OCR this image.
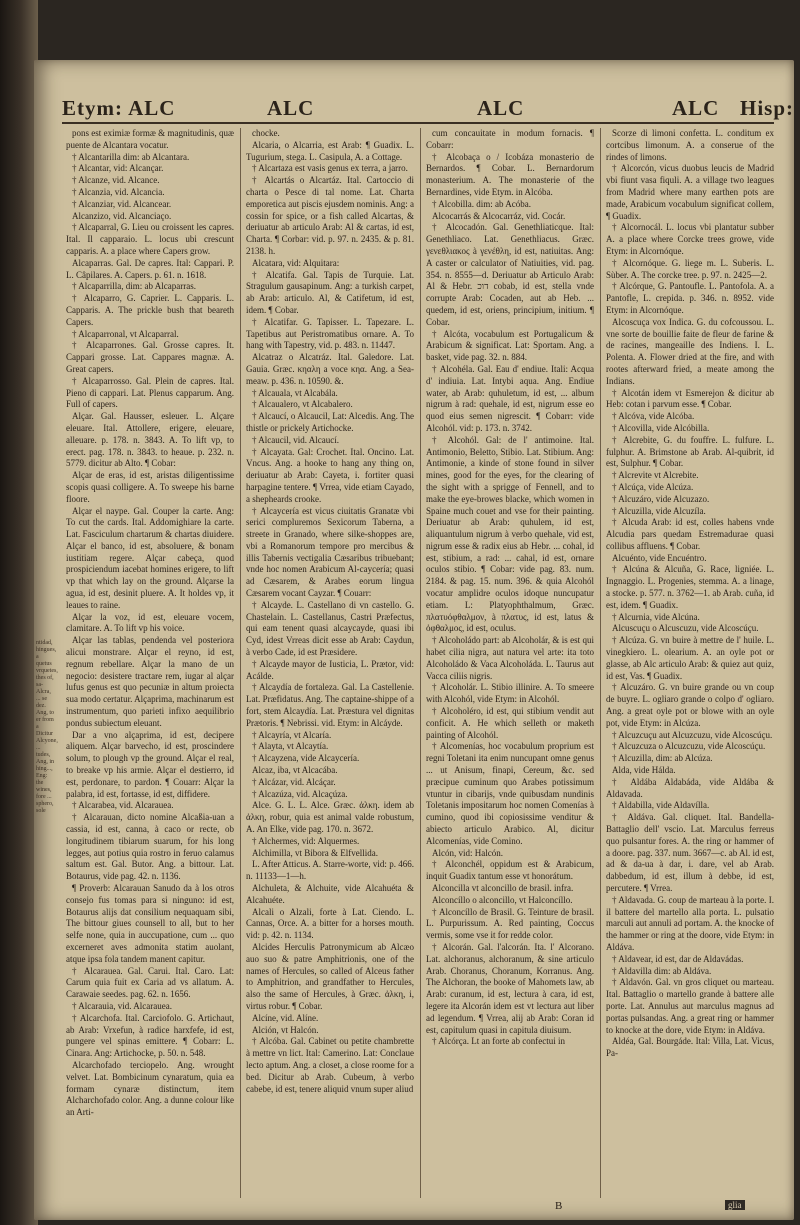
ntidad, hingues, a quetus vrquetes, thes of, sa-Alcra, ... se dez. Ang, to er from a Dicitur Alcyone, ... tudes, Ang, in hing..., Eng: the wines, fore ... sphero, sole
Etym: ALC	ALC	ALC	ALC Hisp:

pons est eximiæ formæ & magnitudinis, quæ puente de Alcantara vocatur.

† Alcantarilla dim: ab Alcantara.

† Alcantar, vid: Alcançar.

† Alcanze, vid. Alcance.

† Alcanzia, vid. Alcancia.

† Alcanziar, vid. Alcancear.

Alcanzizo, vid. Alcanciaço.

† Alcaparral, G. Lieu ou croissent les capres. Ital. Il capparaio. L. locus ubi crescunt capparis. A. a place where Capers grow.

Alcaparras. Gal. De capres. Ital: Cappari. P. L. Câpilares. A. Capers. p. 61. n. 1618.

† Alcaparrilla, dim: ab Alcaparras.

† Alcaparro, G. Caprier. L. Capparis. L. Capparis. A. The prickle bush that beareth Capers.

† Alcaparronal, vt Alcaparral.

† Alcaparrones. Gal. Grosse capres. It. Cappari grosse. Lat. Cappares magnæ. A. Great capers.

† Alcaparrosso. Gal. Plein de capres. Ital. Pieno di cappari. Lat. Plenus capparum. Ang. Full of capers.

Alçar. Gal. Hausser, esleuer. L. Alçare eleuare. Ital. Attollere, erigere, eleuare, alleuare. p. 178. n. 3843. A. To lift vp, to erect. pag. 178. n. 3843. to heaue. p. 232. n. 5779. dicitur ab Alto. ¶ Cobar:

Alçar de eras, id est, aristas diligentissime scopis quasi colligere. A. To sweepe his barne floore.

Alçar el naype. Gal. Couper la carte. Ang: To cut the cards. Ital. Addomighiare la carte. Lat. Fasciculum chartarum & chartas diuidere. Alçar el banco, id est, absoluere, & bonam iustitiam regere. Alçar cabeça, quod prospiciendum iacebat homines erigere, to lift vp that which lay on the ground. Alçarse la agua, id est, desinit pluere. A. It holdes vp, it leaues to raine.

Alçar la voz, id est, eleuare vocem, clamitare. A. To lift vp his voice.

Alçar las tablas, pendenda vel posteriora alicui monstrare. Alçar el reyno, id est, regnum rebellare. Alçar la mano de un negocio: desistere tractare rem, iugar al alçar lufus genus est quo pecuniæ in altum proiecta sua modo certatur. Alçaprima, machinarum est instrumentum, quo parieti infixo aequilibrio pondus subiectum eleuant.

Dar a vno alçaprima, id est, decipere aliquem. Alçar barvecho, id est, proscindere solum, to plough vp the ground. Alçar el real, to breake vp his armie. Alçar el destierro, id est, perdonare, to pardon. ¶ Couarr: Alçar la palabra, id est, fortasse, id est, diffidere.

† Alcarabea, vid. Alcarauea.

† Alcarauan, dicto nomine Alcaßia-uan a cassia, id est, canna, à caco or recte, ob longitudinem tibiarum suarum, for his long legges, aut potius quia rostro in feruo calamus saltum est. Gal. Butor. Ang. a bittour. Lat. Botaurus, vide pag. 42. n. 1136.

¶ Proverb: Alcarauan Sanudo da à los otros consejo fus tomas para si ninguno: id est, Botaurus alijs dat consilium nequaquam sibi, The bittour giues counsell to all, but to her selfe none, quia in auccupatione, cum ... quo excerneret aves admonita statim auolant, atque ipsa fola tandem manent capitur.

† Alcarauea. Gal. Carui. Ital. Caro. Lat: Carum quia fuit ex Caria ad vs allatum. A. Carawaie seedes. pag. 62. n. 1656.

† Alcarauia, vid. Alcarauea.

† Alcarchofa. Ital. Carciofolo. G. Artichaut, ab Arab: Vrxefun, à radice harxfefe, id est, pungere vel spinas emittere. ¶ Cobarr: L. Cinara. Ang: Artichocke, p. 50. n. 548.

Alcarchofado terciopelo. Ang. wrought velvet. Lat. Bombicinum cynaratum, quia ea formam cynaræ distinctum, item Alcharchofado color. Ang. a dunne colour like an Arti-

chocke.

Alcaria, o Alcarria, est Arab: ¶ Guadix. L. Tugurium, stega. L. Casipula, A. a Cottage.

† Alcartaza est vasis genus ex terra, a jarro.

† Alcartás o Alcartáz. Ital. Cartoccio di charta o Pesce di tal nome. Lat. Charta emporetica aut piscis ejusdem nominis. Ang: a cossin for spice, or a fish called Alcartas, & deriuatur ab articulo Arab: Al & cartas, id est, Charta. ¶ Corbar: vid. p. 97. n. 2435. & p. 81. 2138. h.

Alcatara, vid: Alquitara:

† Alcatifa. Gal. Tapis de Turquie. Lat. Stragulum gausapinum. Ang: a turkish carpet, ab Arab: articulo. Al, & Catifetum, id est, idem. ¶ Cobar.

† Alcatifar. G. Tapisser. L. Tapezare. L. Tapetibus aut Peristromatibus ornare. A. To hang with Tapestry, vid. p. 483. n. 11447.

Alcatraz o Alcatráz. Ital. Galedore. Lat. Gauia. Græc. κηαλη a voce κηα. Ang. a Sea-meaw. p. 436. n. 10590. &.

† Alcauala, vt Alcabála.

† Alcaualero, vt Alcabalero.

† Alcaucí, o Alcaucil, Lat: Alcedis. Ang. The thistle or prickely Artichocke.

† Alcaucil, vid. Alcaucí.

† Alcayata. Gal: Crochet. Ital. Oncino. Lat. Vncus. Ang. a hooke to hang any thing on, deriuatur ab Arab: Cayeta, i. fortiter quasi harpagine tentere. ¶ Vrrea, vide etiam Cayado, a shepheards crooke.

† Alcaycería est vicus ciuitatis Granatæ vbi serici compluremos Sexicorum Taberna, a streete in Granado, where silke-shoppes are, vbi a Romanorum tempore pro mercibus & illis Tabernis vectigalia Cæsaribus tribuebant; vnde hoc nomen Arabicum Al-caycería; quasi ad Cæsarem, & Arabes eorum lingua Cæsarem vocant Cayzar. ¶ Couarr:

† Alcayde. L. Castellano di vn castello. G. Chastelain. L. Castellanus, Castri Præfectus, qui eam tenent quasi alcaycayde, quasi ibi Cyd, idest Vrreas dicit esse ab Arab: Caydun, à verbo Cade, id est Præsidere.

† Alcayde mayor de Iusticia, L. Prætor, vid: Acálde.

† Alcaydía de fortaleza. Gal. La Castellenie. Lat. Præfidatus. Ang. The captaine-shippe of a fort, stem Alcaydía. Lat. Præstura vel dignitas Prætoris. ¶ Nebrissi. vid. Etym: in Alcáyde.

† Alcayría, vt Alcaría.

† Alayta, vt Alcaytía.

† Alcayzena, vide Alcaycería.

Alcaz, iba, vt Alcacába.

† Alcázar, vid. Alcáçar.

† Alcazúza, vid. Alcaçúza.

Alce. G. L. L. Alce. Græc. ἀλκη. idem ab ἀλκη, robur, quia est animal valde robustum, A. An Elke, vide pag. 170. n. 3672.

† Alchermes, vid: Alquermes.

Alchimilla, vt Bibora & Elfvellida.

L. After Atticus. A. Starre-worte, vid: p. 466. n. 11133—1—h.

Alchuleta, & Alchuite, vide Alcahuéta & Alcahuéte.

Alcali o Alzali, forte à Lat. Ciendo. L. Cannas, Orce. A. a bitter for a horses mouth. vid: p. 42. n. 1134.

Alcides Herculis Patronymicum ab Alcæo auo suo & patre Amphitrionis, one of the names of Hercules, so called of Alceus father to Amphitrion, and grandfather to Hercules, also the same of Hercules, à Græc. ἀλκη, i, virtus robur. ¶ Cobar.

Alcíne, vid. Alíne.

Alción, vt Halcón.

† Alcóba. Gal. Cabinet ou petite chambrette à mettre vn lict. Ital: Camerino. Lat: Conclaue lecto aptum. Ang. a closet, a close roome for a bed. Dicitur ab Arab. Cubeum, à verbo cabebe, id est, tenere aliquid vnum super aliud

cum concauitate in modum fornacis. ¶ Cobarr:

† Alcobaça o / Icobáza monasterio de Bernardos. ¶ Cobar. L. Bernardorum monasterium. A. The monasterie of the Bernardines, vide Etym. in Alcóba.

† Alcobilla. dim: ab Acóba.

Alcocarrás & Alcocarráz, vid. Cocár.

† Alcocadón. Gal. Genethliaticque. Ital: Genethliaco. Lat. Genethliacus. Græc. γενεθλιακος à γενέθλη, id est, natiuitas. Ang: A caster or calculator of Natiuities, vid. pag. 354. n. 8555—d. Deriuatur ab Articulo Arab: Al & Hebr. דוכ cobab, id est, stella vnde corrupte Arab: Cocaden, aut ab Heb. ... quedem, id est, oriens, principium, initium. ¶ Cobar.

† Alcóta, vocabulum est Portugalicum & Arabicum & significat. Lat: Sportam. Ang. a basket, vide pag. 32. n. 884.

† Alcohéla. Gal. Eau d' endiue. Itali: Acqua d' indiuia. Lat. Intybi aqua. Ang. Endiue water, ab Arab: quhuletum, id est, ... album nigrum à rad: quehale, id est, nigrum esse eo quod eius semen nigrescit. ¶ Cobarr: vide Alcohól. vid: p. 173. n. 3742.

† Alcohól. Gal: de l' antimoine. Ital. Antimonio, Beletto, Stibio. Lat. Stibium. Ang: Antimonie, a kinde of stone found in silver mines, good for the eyes, for the clearing of the sight with a sprigge of Fennell, and to make the eye-browes blacke, which women in Spaine much couet and vse for their painting. Deriuatur ab Arab: quhulem, id est, aliquantulum nigrum à verbo quehale, vid est, nigrum esse & radix eius ab Hebr. ... cohal, id est, stibium, a rad: ... cahal, id est, ornare oculos stibio. ¶ Cobar: vide pag. 83. num. 2184. & pag. 15. num. 396. & quia Alcohól vocatur amplidre oculos idoque nuncupatur etiam. L: Platyophthalmum, Græc. πλατυόφθαλμον, à πλατυς, id est, latus & ὀφθαλμος, id est, oculus.

† Alcoholádo part: ab Alcoholár, & is est qui habet cilia nigra, aut natura vel arte: ita toto Alcoholádo & Vaca Alcoholáda. L. Taurus aut Vacca ciliis nigris.

† Alcoholár. L. Stibio illinire. A. To smeere with Alcohól, vide Etym: in Alcohól.

† Alcoholéro, id est, qui stibium vendit aut conficit. A. He which selleth or maketh painting of Alcohól.

† Alcomenías, hoc vocabulum proprium est regni Toletani ita enim nuncupant omne genus ... ut Anisum, finapi, Cereum, &c. sed præcipue cuminum quo Arabes potissimum vtuntur in cibarijs, vnde quibusdam nundinis Toletanis impositarum hoc nomen Comenías à cumino, quod ibi copiosissime venditur & abiecto articulo Arabico. Al, dicitur Alcomenías, vide Comino.

Alcón, vid: Halcón.

† Alconchél, oppidum est & Arabicum, inquit Guadix tantum esse vt honorátum.

Alconcilla vt alconcillo de brasil. infra.

Alconcíllo o alconcillo, vt Halconcíllo.

† Alconcíllo de Brasil. G. Teinture de brasil. L. Purpurissum. A. Red painting, Coccus vermis, some vse it for redde color.

† Alcorán. Gal. l'alcorán. Ita. l' Alcorano. Lat. alchoranus, alchoranum, & sine articulo Arab. Choranus, Choranum, Korranus. Ang. The Alchoran, the booke of Mahomets law, ab Arab: curanum, id est, lectura à cara, id est, legere ita Alcorán idem est vt lectura aut liber ad legendum. ¶ Vrrea, alij ab Arab: Coran id est, capitulum quasi in capitula diuisum.

† Alcórça. Lt an forte ab confectui in

Scorze di limoni confetta. L. conditum ex cortcibus limonum. A. a conserue of the rindes of limons.

† Alcorcón, vicus duobus leucis de Madrid vbi fiunt vasa fiquli. A. a village two leagues from Madrid where many earthen pots are made, Arabicum vocabulum significat collem, ¶ Guadix.

† Alcornocál. L. locus vbi plantatur subber A. a place where Corcke trees growe, vide Etym: in Alcornóque.

† Alcornóque. G. liege m. L. Suberis. L. Sùber. A. The corcke tree. p. 97. n. 2425—2.

† Alcórque, G. Pantoufle. L. Pantofola. A. a Pantofle, L. crepida. p. 346. n. 8952. vide Etym: in Alcornóque.

Alcoscuça vox Indica. G. du cofcoussou. L. vne sorte de bouillie faite de fleur de farine & de racines, mangeaille des Indiens. I. L. Polenta. A. Flower dried at the fire, and with rootes afterward fried, a meate among the Indians.

† Alcotán idem vt Esmerejon & dicitur ab Heb: cotan i parvum esse. ¶ Cobar.

† Alcóva, vide Alcóba.

† Alcovilla, vide Alcóbilla.

† Alcrebite, G. du fouffre. L. fulfure. L. fulphur. A. Brimstone ab Arab. Al-quibrit, id est, Sulphur. ¶ Cobar.

† Alcrevite vt Alcrebite.

† Alcúça, vide Alcúza.

† Alcuzáro, vide Alcuzazo.

† Alcuzilla, vide Alcuzíla.

† Alcuda Arab: id est, colles habens vnde Alcudia pars quedam Estremadurae quasi collibus affluens. ¶ Cobar.

Alcuénto, vide Encuéntro.

† Alcúna & Alcuña, G. Race, ligniée. L. Ingnaggio. L. Progenies, stemma. A. a linage, a stocke. p. 577. n. 3762—1. ab Arab. cuña, id est, idem. ¶ Guadix.

† Alcurnia, vide Alcúna.

Alcuscuçu o Alcuscuzu, vide Alcoscúçu.

† Alcúza. G. vn buire à mettre de l' huile. L. vinegkiero. L. olearium. A. an oyle pot or glasse, ab Alc articulo Arab: & quiez aut quiz, id est, Vas. ¶ Guadix.

† Alcuzáro. G. vn buire grande ou vn coup de buyre. L. ogliaro grande o colpo d' ogliaro. Ang. a great oyle pot or blowe with an oyle pot, vide Etym: in Alcúza.

† Alcuzcuçu aut Alcuzcuzu, vide Alcoscúçu.

† Alcuzcuza o Alcuzcuzu, vide Alcoscúçu.

† Alcuzilla, dim: ab Alcúza.

Alda, vide Hálda.

† Aldába Aldabáda, vide Aldába & Aldavada.

† Aldabilla, vide Aldavílla.

† Aldáva. Gal. cliquet. Ital. Bandella-Battaglio dell' vscio. Lat. Marculus ferreus quo pulsantur fores. A. the ring or hammer of a doore. pag. 337. num. 3667—c. ab Al. id est, ad & da-ua à dar, i. dare, vel ab Arab. dabbedum, id est, illum à debbe, id est, percutere. ¶ Vrrea.

† Aldavada. G. coup de marteau à la porte. I. il battere del martello alla porta. L. pulsatio marculi aut annuli ad portam. A. the knocke of the hammer or ring at the doore, vide Etym: in Aldáva.

† Aldavear, id est, dar de Aldavádas.

† Aldavilla dim: ab Aldáva.

† Aldavón. Gal. vn gros cliquet ou marteau. Ital. Battaglio o martello grande à battere alle porte. Lat. Annulus aut marculus magnus ad portas pulsandas. Ang. a great ring or hammer to knocke at the dore, vide Etym: in Aldáva.

Aldéa, Gal. Bourgáde. Ital: Villa, Lat. Vicus, Pa-

B	glia
